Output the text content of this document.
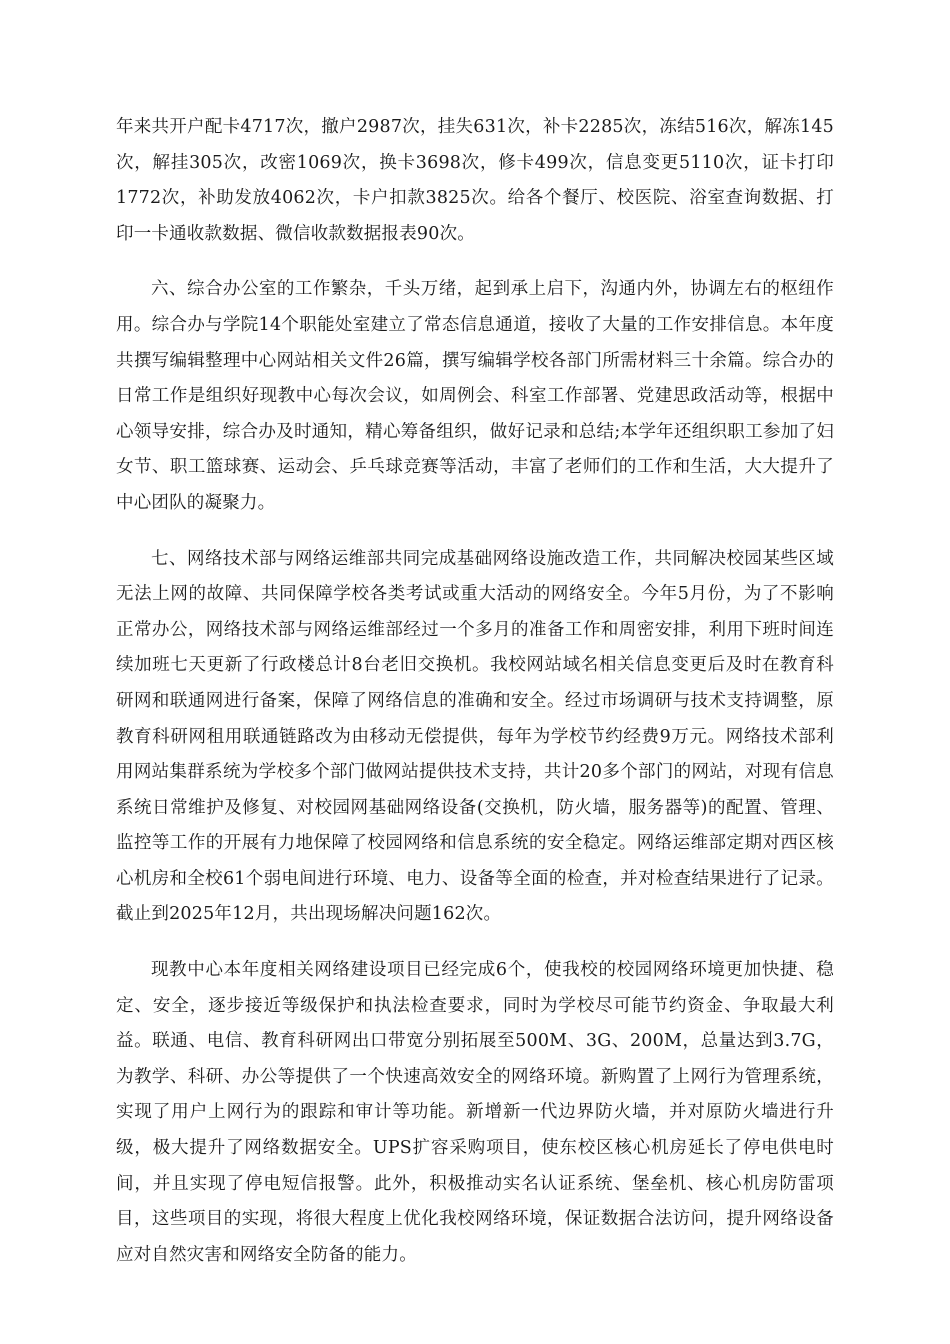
年来共开户配卡4717次，撤户2987次，挂失631次，补卡2285次，冻结516次，解冻145次，解挂305次，改密1069次，换卡3698次，修卡499次，信息变更5110次，证卡打印1772次，补助发放4062次，卡户扣款3825次。给各个餐厅、校医院、浴室查询数据、打印一卡通收款数据、微信收款数据报表90次。

六、综合办公室的工作繁杂，千头万绪，起到承上启下，沟通内外，协调左右的枢纽作用。综合办与学院14个职能处室建立了常态信息通道，接收了大量的工作安排信息。本年度共撰写编辑整理中心网站相关文件26篇，撰写编辑学校各部门所需材料三十余篇。综合办的日常工作是组织好现教中心每次会议，如周例会、科室工作部署、党建思政活动等，根据中心领导安排，综合办及时通知，精心筹备组织，做好记录和总结;本学年还组织职工参加了妇女节、职工篮球赛、运动会、乒乓球竞赛等活动，丰富了老师们的工作和生活，大大提升了中心团队的凝聚力。

七、网络技术部与网络运维部共同完成基础网络设施改造工作，共同解决校园某些区域无法上网的故障、共同保障学校各类考试或重大活动的网络安全。今年5月份，为了不影响正常办公，网络技术部与网络运维部经过一个多月的准备工作和周密安排，利用下班时间连续加班七天更新了行政楼总计8台老旧交换机。我校网站域名相关信息变更后及时在教育科研网和联通网进行备案，保障了网络信息的准确和安全。经过市场调研与技术支持调整，原教育科研网租用联通链路改为由移动无偿提供，每年为学校节约经费9万元。网络技术部利用网站集群系统为学校多个部门做网站提供技术支持，共计20多个部门的网站，对现有信息系统日常维护及修复、对校园网基础网络设备(交换机，防火墙，服务器等)的配置、管理、监控等工作的开展有力地保障了校园网络和信息系统的安全稳定。网络运维部定期对西区核心机房和全校61个弱电间进行环境、电力、设备等全面的检查，并对检查结果进行了记录。截止到2025年12月，共出现场解决问题162次。

现教中心本年度相关网络建设项目已经完成6个，使我校的校园网络环境更加快捷、稳定、安全，逐步接近等级保护和执法检查要求，同时为学校尽可能节约资金、争取最大利益。联通、电信、教育科研网出口带宽分别拓展至500M、3G、200M，总量达到3.7G，为教学、科研、办公等提供了一个快速高效安全的网络环境。新购置了上网行为管理系统，实现了用户上网行为的跟踪和审计等功能。新增新一代边界防火墙，并对原防火墙进行升级，极大提升了网络数据安全。UPS扩容采购项目，使东校区核心机房延长了停电供电时间，并且实现了停电短信报警。此外，积极推动实名认证系统、堡垒机、核心机房防雷项目，这些项目的实现，将很大程度上优化我校网络环境，保证数据合法访问，提升网络设备应对自然灾害和网络安全防备的能力。
